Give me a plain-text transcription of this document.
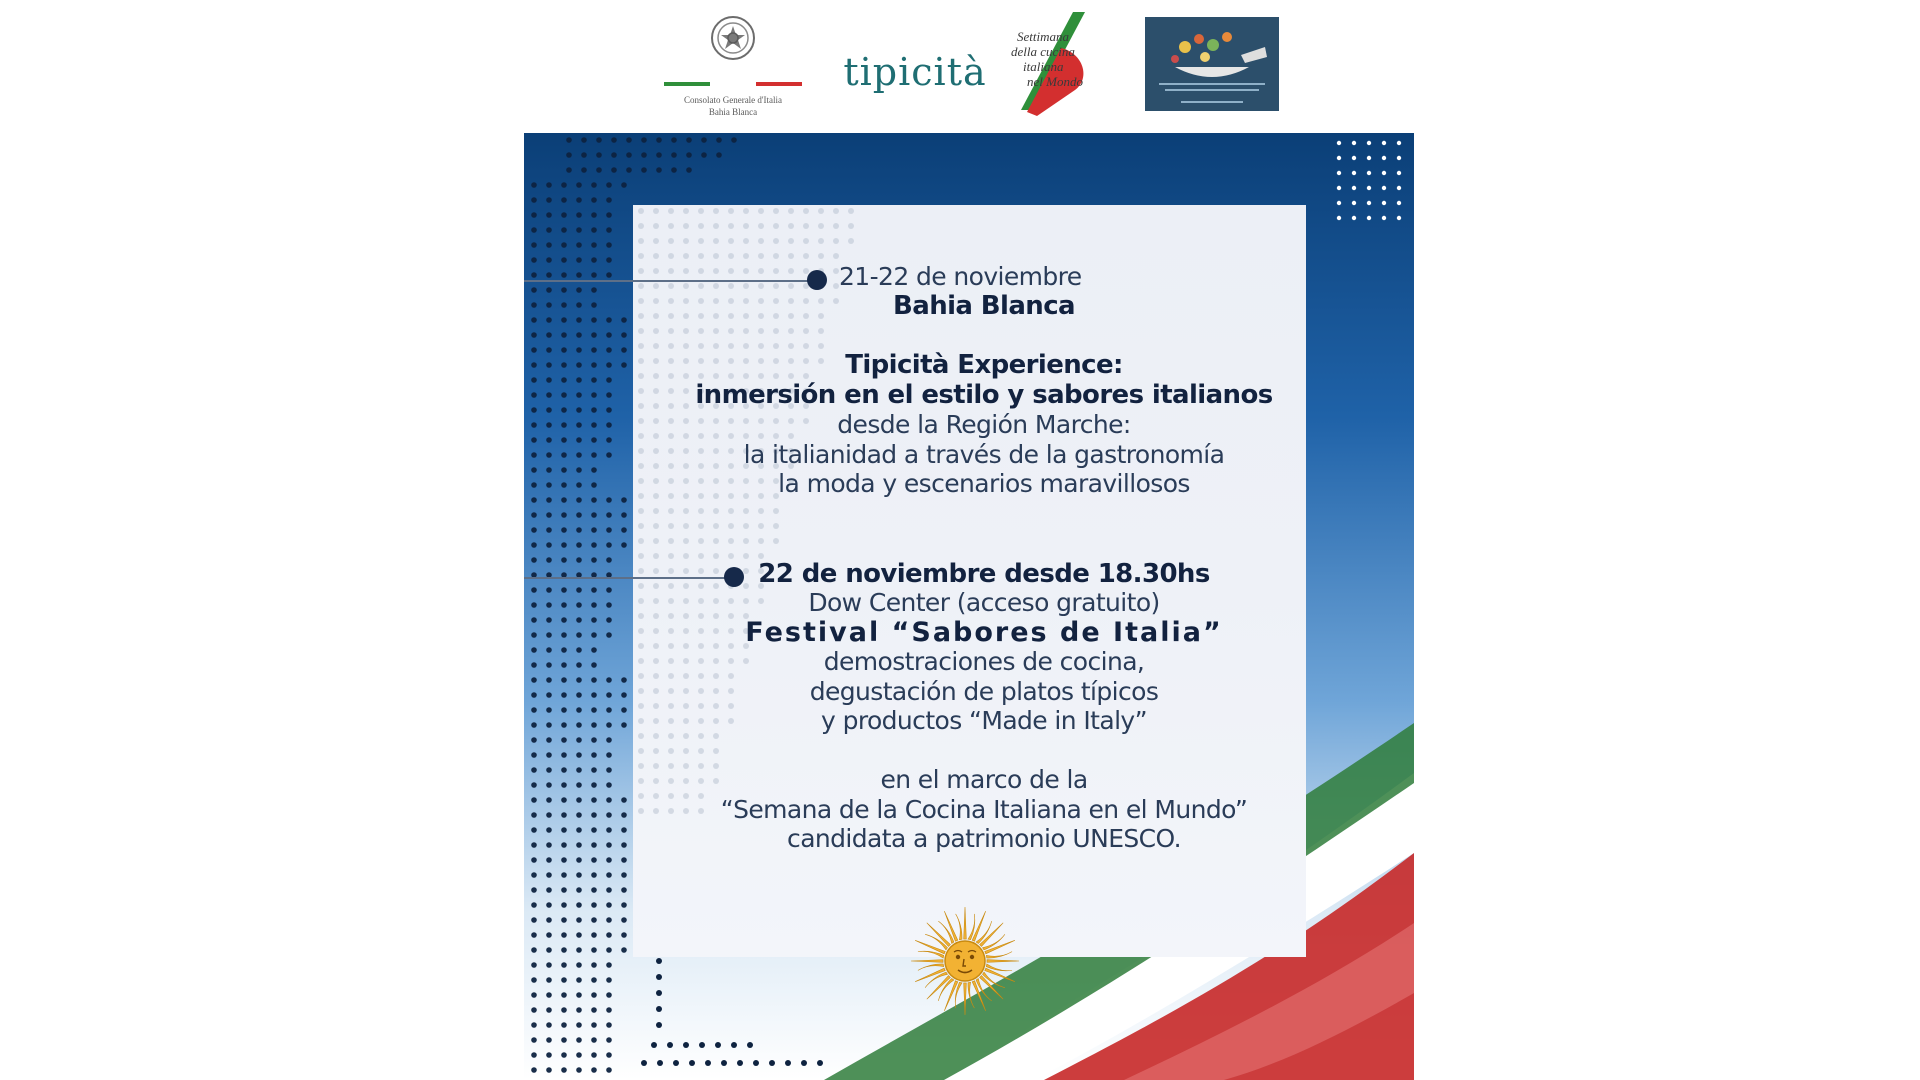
Consolato Generale d'Italia
Bahia Blanca
tipicità
Settimana
della cucina
italiana
nel Mondo
21-22 de noviembre
Bahia Blanca
Tipicità Experience:
inmersión en el estilo y sabores italianos
desde la Región Marche:
la italianidad a través de la gastronomía
la moda y escenarios maravillosos
22 de noviembre desde 18.30hs
Dow Center (acceso gratuito)
Festival “Sabores de Italia”
demostraciones de cocina,
degustación de platos típicos
y productos “Made in Italy”
en el marco de la
“Semana de la Cocina Italiana en el Mundo”
candidata a patrimonio UNESCO.
